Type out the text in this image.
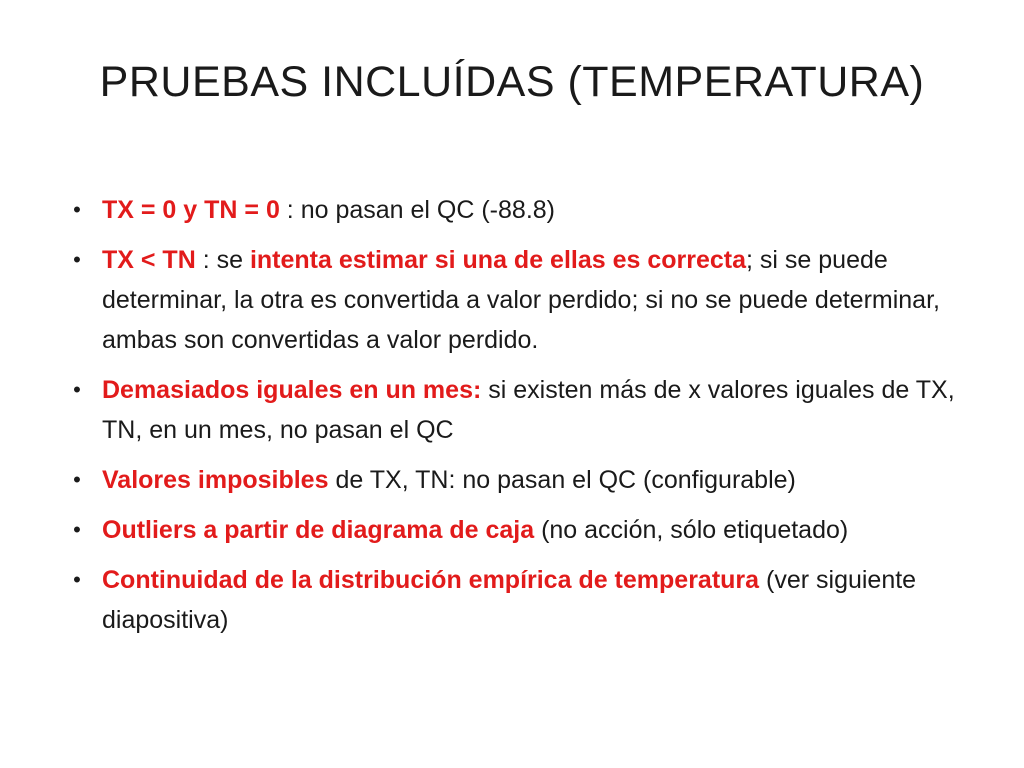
PRUEBAS INCLUÍDAS (TEMPERATURA)
• TX = 0 y TN = 0 : no pasan el QC (-88.8)
• TX < TN : se intenta estimar si una de ellas es correcta; si se puede determinar, la otra es convertida a valor perdido; si no se puede determinar, ambas son convertidas a valor perdido.
• Demasiados iguales en un mes: si existen más de x valores iguales de TX, TN, en un mes, no pasan el QC
• Valores imposibles de TX, TN: no pasan el QC (configurable)
• Outliers a partir de diagrama de caja (no acción, sólo etiquetado)
• Continuidad de la distribución empírica de temperatura (ver siguiente diapositiva)
